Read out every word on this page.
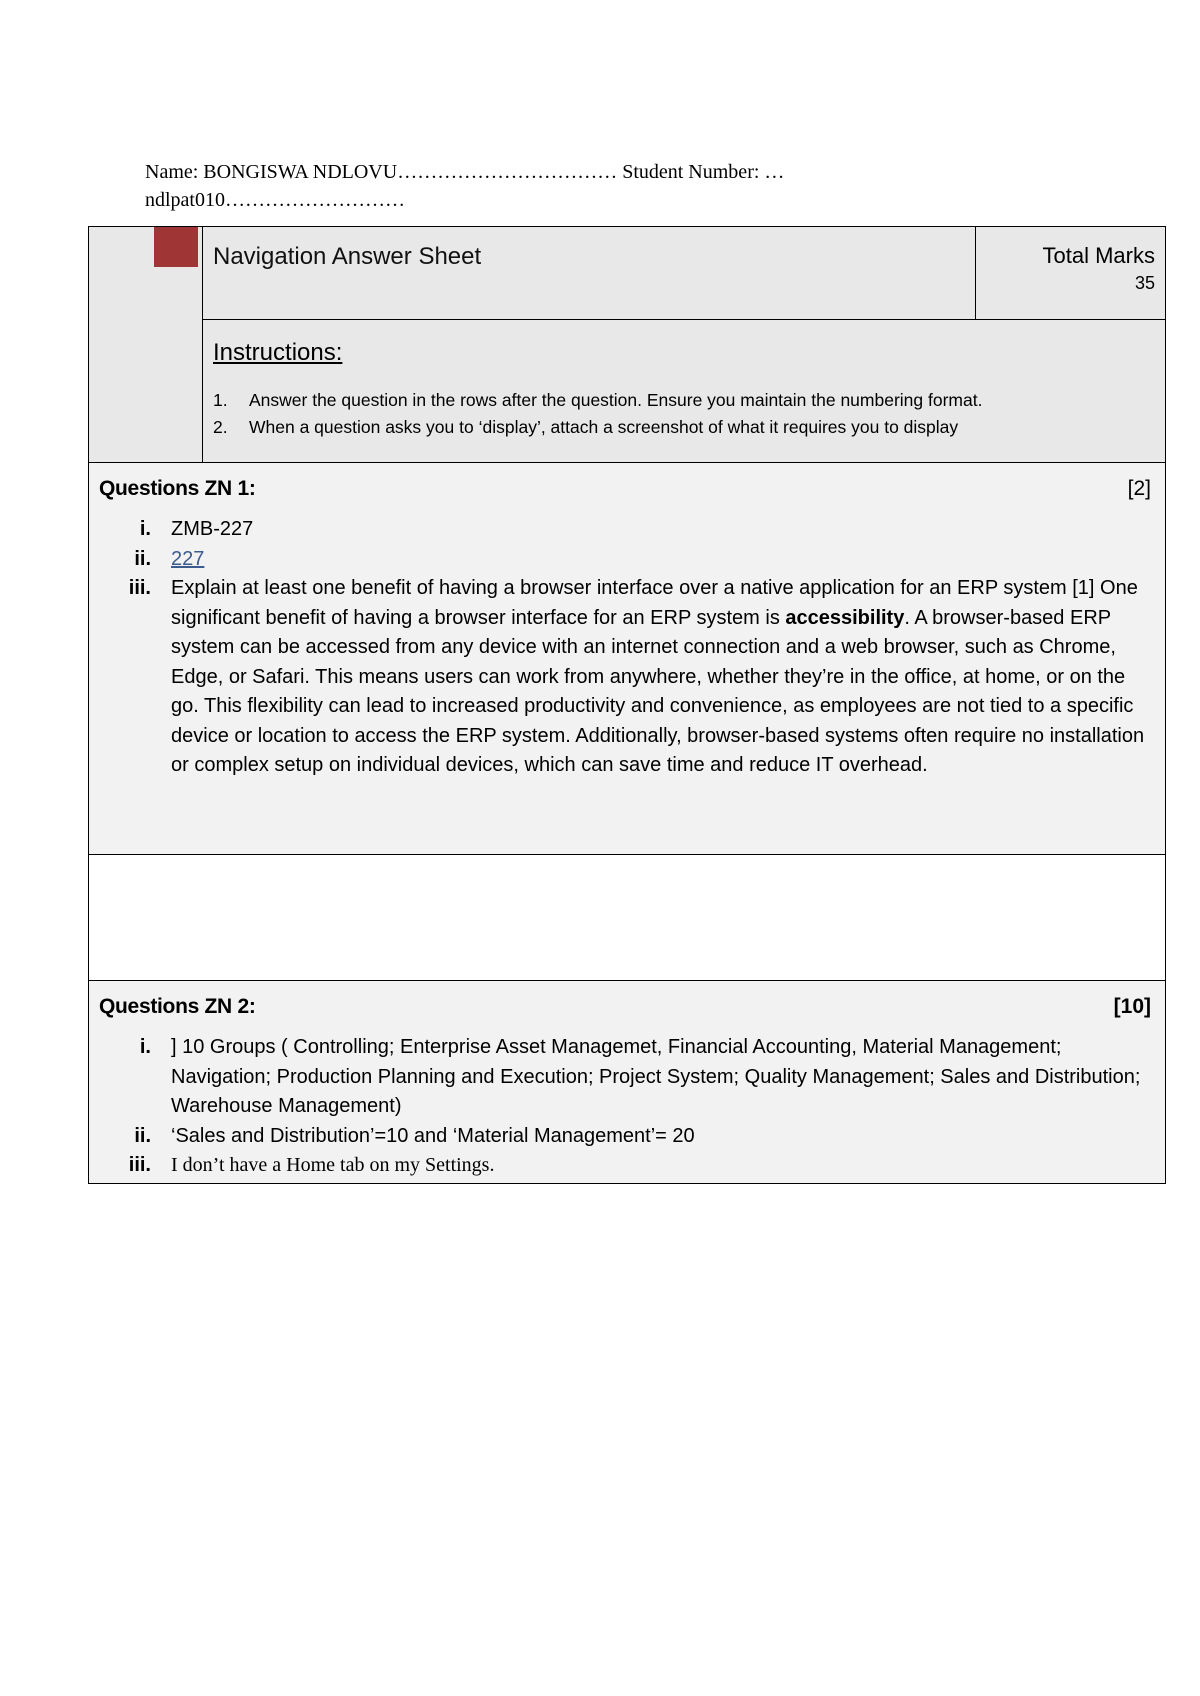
Name: BONGISWA NDLOVU…………………………… Student Number: …
ndlpat010………………………
Navigation Answer Sheet	Total Marks
35
Instructions:
1. Answer the question in the rows after the question. Ensure you maintain the numbering format.
2. When a question asks you to ‘display’, attach a screenshot of what it requires you to display
Questions ZN 1:	[2]
i. ZMB-227
ii. 227
iii. Explain at least one benefit of having a browser interface over a native application for an ERP system [1] One significant benefit of having a browser interface for an ERP system is accessibility. A browser-based ERP system can be accessed from any device with an internet connection and a web browser, such as Chrome, Edge, or Safari. This means users can work from anywhere, whether they’re in the office, at home, or on the go. This flexibility can lead to increased productivity and convenience, as employees are not tied to a specific device or location to access the ERP system. Additionally, browser-based systems often require no installation or complex setup on individual devices, which can save time and reduce IT overhead.
Questions ZN 2:	[10]
i. ] 10 Groups ( Controlling; Enterprise Asset Managemet, Financial Accounting, Material Management; Navigation; Production Planning and Execution; Project System; Quality Management; Sales and Distribution; Warehouse Management)
ii. ‘Sales and Distribution’=10 and ‘Material Management’= 20
iii. I don’t have a Home tab on my Settings.
